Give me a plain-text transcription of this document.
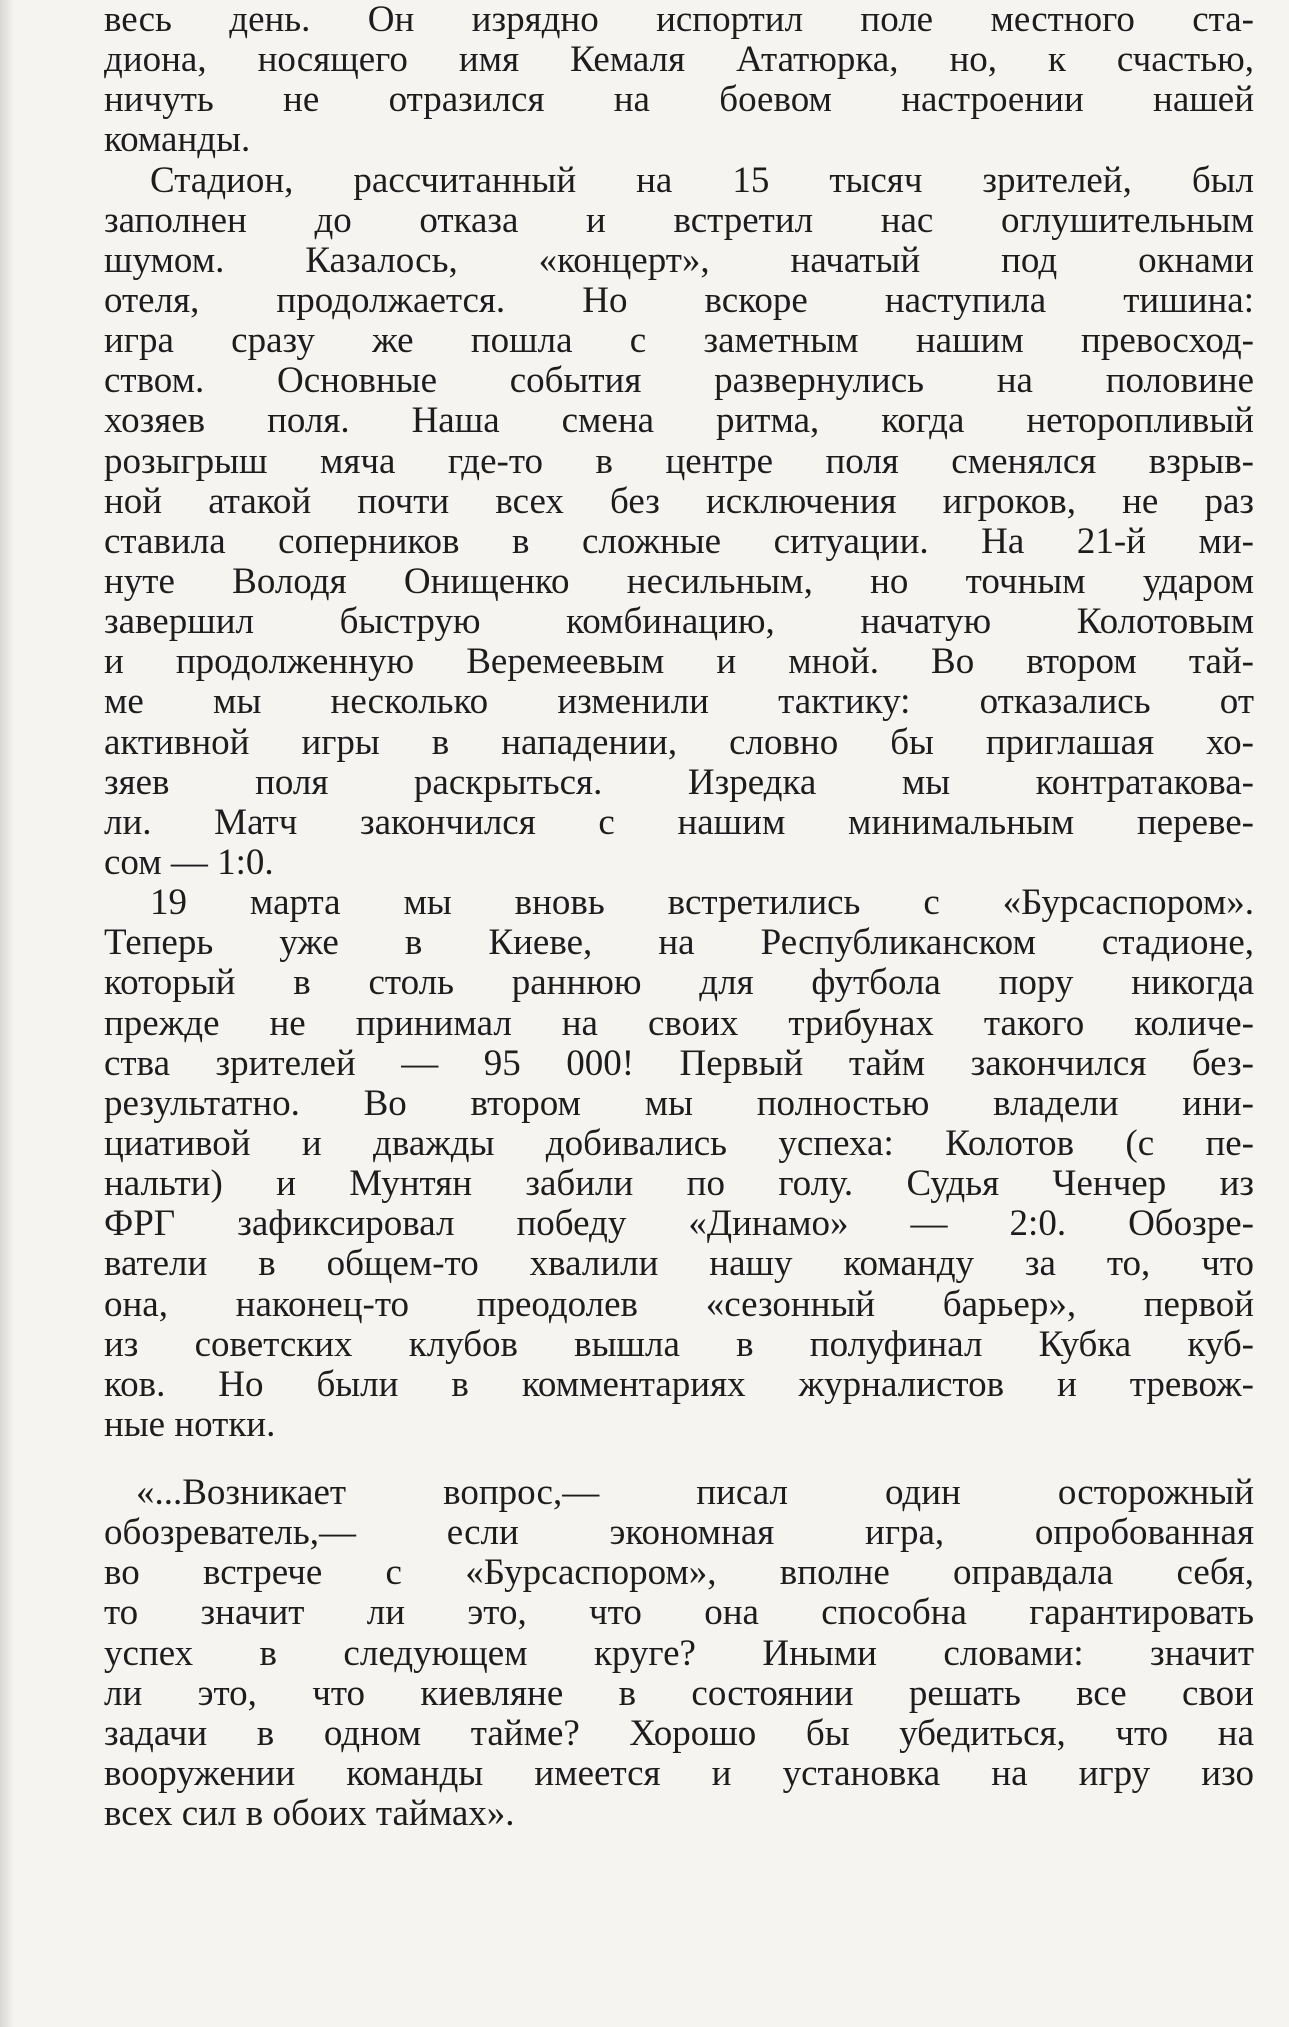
весь день. Он изрядно испортил поле местного ста-
диона, носящего имя Кемаля Ататюрка, но, к счастью,
ничуть не отразился на боевом настроении нашей
команды.
Стадион, рассчитанный на 15 тысяч зрителей, был
заполнен до отказа и встретил нас оглушительным
шумом. Казалось, «концерт», начатый под окнами
отеля, продолжается. Но вскоре наступила тишина:
игра сразу же пошла с заметным нашим превосход-
ством. Основные события развернулись на половине
хозяев поля. Наша смена ритма, когда неторопливый
розыгрыш мяча где-то в центре поля сменялся взрыв-
ной атакой почти всех без исключения игроков, не раз
ставила соперников в сложные ситуации. На 21-й ми-
нуте Володя Онищенко несильным, но точным ударом
завершил быструю комбинацию, начатую Колотовым
и продолженную Веремеевым и мной. Во втором тай-
ме мы несколько изменили тактику: отказались от
активной игры в нападении, словно бы приглашая хо-
зяев поля раскрыться. Изредка мы контратакова-
ли. Матч закончился с нашим минимальным переве-
сом — 1:0.
19 марта мы вновь встретились с «Бурсаспором».
Теперь уже в Киеве, на Республиканском стадионе,
который в столь раннюю для футбола пору никогда
прежде не принимал на своих трибунах такого количе-
ства зрителей — 95 000! Первый тайм закончился без-
результатно. Во втором мы полностью владели ини-
циативой и дважды добивались успеха: Колотов (с пе-
нальти) и Мунтян забили по голу. Судья Ченчер из
ФРГ зафиксировал победу «Динамо» — 2:0. Обозре-
ватели в общем-то хвалили нашу команду за то, что
она, наконец-то преодолев «сезонный барьер», первой
из советских клубов вышла в полуфинал Кубка куб-
ков. Но были в комментариях журналистов и тревож-
ные нотки.
«...Возникает вопрос,— писал один осторожный
обозреватель,— если экономная игра, опробованная
во встрече с «Бурсаспором», вполне оправдала себя,
то значит ли это, что она способна гарантировать
успех в следующем круге? Иными словами: значит
ли это, что киевляне в состоянии решать все свои
задачи в одном тайме? Хорошо бы убедиться, что на
вооружении команды имеется и установка на игру изо
всех сил в обоих таймах».
